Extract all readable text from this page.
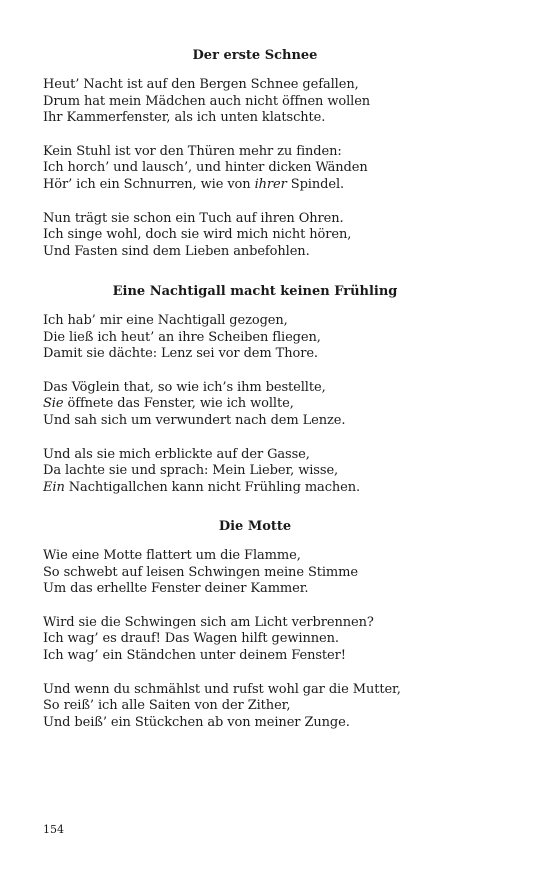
Der erste Schnee
Heut’ Nacht ist auf den Bergen Schnee gefallen,
Drum hat mein Mädchen auch nicht öffnen wollen
Ihr Kammerfenster, als ich unten klatschte.
Kein Stuhl ist vor den Thüren mehr zu finden:
Ich horch’ und lausch’, und hinter dicken Wänden
Hör’ ich ein Schnurren, wie von ihrer Spindel.
Nun trägt sie schon ein Tuch auf ihren Ohren.
Ich singe wohl, doch sie wird mich nicht hören,
Und Fasten sind dem Lieben anbefohlen.
Eine Nachtigall macht keinen Frühling
Ich hab’ mir eine Nachtigall gezogen,
Die ließ ich heut’ an ihre Scheiben fliegen,
Damit sie dächte: Lenz sei vor dem Thore.
Das Vöglein that, so wie ich’s ihm bestellte,
Sie öffnete das Fenster, wie ich wollte,
Und sah sich um verwundert nach dem Lenze.
Und als sie mich erblickte auf der Gasse,
Da lachte sie und sprach: Mein Lieber, wisse,
Ein Nachtigallchen kann nicht Frühling machen.
Die Motte
Wie eine Motte flattert um die Flamme,
So schwebt auf leisen Schwingen meine Stimme
Um das erhellte Fenster deiner Kammer.
Wird sie die Schwingen sich am Licht verbrennen?
Ich wag’ es drauf! Das Wagen hilft gewinnen.
Ich wag’ ein Ständchen unter deinem Fenster!
Und wenn du schmählst und rufst wohl gar die Mutter,
So reiß’ ich alle Saiten von der Zither,
Und beiß’ ein Stückchen ab von meiner Zunge.
154
